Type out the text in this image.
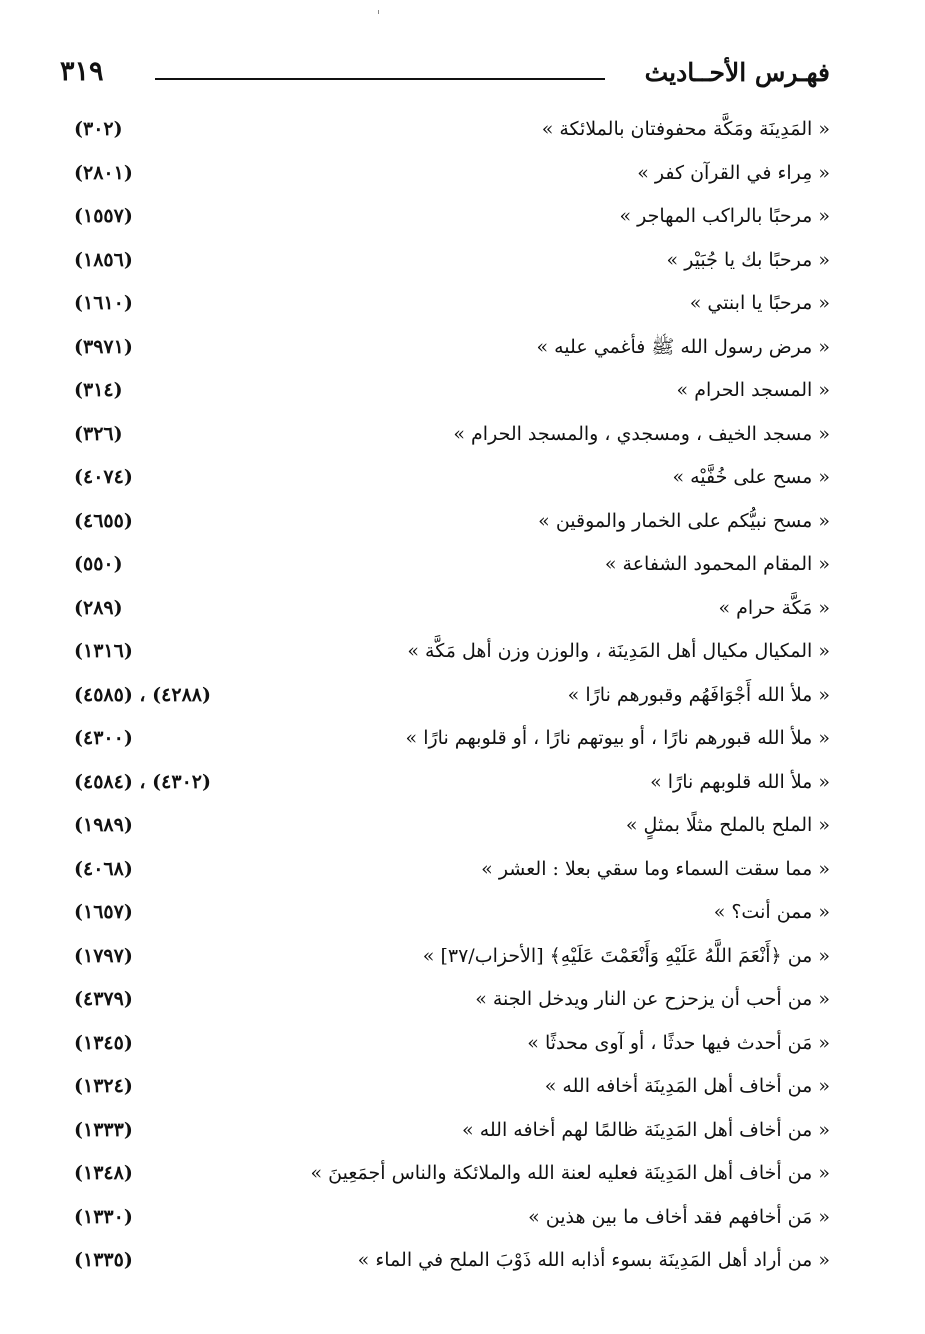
فهـرس الأحــاديث
٣١٩
« المَدِينَة ومَكَّة محفوفتان بالملائكة »
(٣٠٢)
« مِراء في القرآن كفر »
(٢٨٠١)
« مرحبًا بالراكب المهاجر »
(١٥٥٧)
« مرحبًا بك يا جُبَيْر »
(١٨٥٦)
« مرحبًا يا ابنتي »
(١٦١٠)
« مرض رسول الله ﷺ فأغمي عليه »
(٣٩٧١)
« المسجد الحرام »
(٣١٤)
« مسجد الخيف ، ومسجدي ، والمسجد الحرام »
(٣٢٦)
« مسح على خُفَّيْه »
(٤٠٧٤)
« مسح نبيُّكم على الخمار والموقين »
(٤٦٥٥)
« المقام المحمود الشفاعة »
(٥٥٠)
« مَكَّة حرام »
(٢٨٩)
« المكيال مكيال أهل المَدِينَة ، والوزن وزن أهل مَكَّة »
(١٣١٦)
« ملأ الله أَجْوَافَهُم وقبورهم نارًا »
(٤٢٨٨) ، (٤٥٨٥)
« ملأ الله قبورهم نارًا ، أو بيوتهم نارًا ، أو قلوبهم نارًا »
(٤٣٠٠)
« ملأ الله قلوبهم نارًا »
(٤٣٠٢) ، (٤٥٨٤)
« الملح بالملح مثلًا بمثلٍ »
(١٩٨٩)
« مما سقت السماء وما سقي بعلا : العشر »
(٤٠٦٨)
« ممن أنت؟ »
(١٦٥٧)
« من ﴿أَنْعَمَ اللَّهُ عَلَيْهِ وَأَنْعَمْتَ عَلَيْهِ﴾ [الأحزاب/٣٧] »
(١٧٩٧)
« من أحب أن يزحزح عن النار ويدخل الجنة »
(٤٣٧٩)
« مَن أحدث فيها حدثًا ، أو آوى محدثًا »
(١٣٤٥)
« من أخاف أهل المَدِينَة أخافه الله »
(١٣٢٤)
« من أخاف أهل المَدِينَة ظالمًا لهم أخافه الله »
(١٣٣٣)
« من أخاف أهل المَدِينَة فعليه لعنة الله والملائكة والناس أجمَعِينَ »
(١٣٤٨)
« مَن أخافهم فقد أخاف ما بين هذين »
(١٣٣٠)
« من أراد أهل المَدِينَة بسوء أذابه الله ذَوْبَ الملح في الماء »
(١٣٣٥)
